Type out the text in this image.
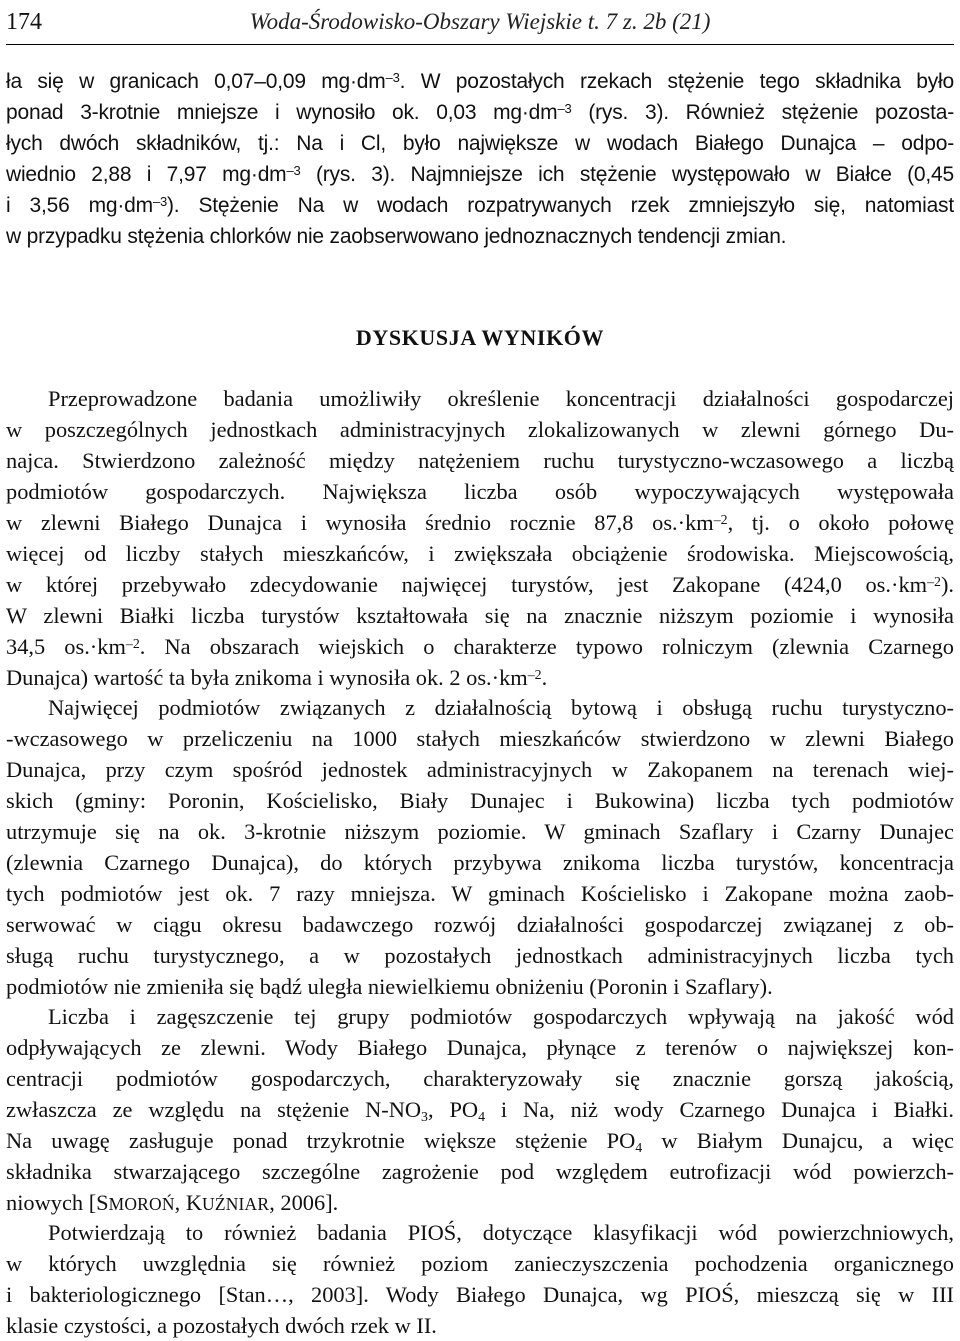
174	Woda-Środowisko-Obszary Wiejskie t. 7 z. 2b (21)
ła się w granicach 0,07–0,09 $mg\cdot dm^{-3}$. W pozostałych rzekach stężenie tego składnika było
ponad 3-krotnie mniejsze i wynosiło ok. 0,03 $mg\cdot dm^{-3}$ (rys. 3). Również stężenie pozosta-
łych dwóch składników, tj.: Na i Cl, było największe w wodach Białego Dunajca – odpo-
wiednio 2,88 i 7,97 $mg\cdot dm^{-3}$ (rys. 3). Najmniejsze ich stężenie występowało w Białce (0,45
i 3,56 $mg\cdot dm^{-3}$). Stężenie Na w wodach rozpatrywanych rzek zmniejszyło się, natomiast
w przypadku stężenia chlorków nie zaobserwowano jednoznacznych tendencji zmian.
DYSKUSJA WYNIKÓW
Przeprowadzone badania umożliwiły określenie koncentracji działalności gospodarczej
w poszczególnych jednostkach administracyjnych zlokalizowanych w zlewni górnego Du-
najca. Stwierdzono zależność między natężeniem ruchu turystyczno-wczasowego a liczbą
podmiotów gospodarczych. Największa liczba osób wypoczywających występowała
w zlewni Białego Dunajca i wynosiła średnio rocznie 87,8 $os.\cdot km^{-2}$, tj. o około połowę
więcej od liczby stałych mieszkańców, i zwiększała obciążenie środowiska. Miejscowością,
w której przebywało zdecydowanie najwięcej turystów, jest Zakopane (424,0 $os.\cdot km^{-2}$).
W zlewni Białki liczba turystów kształtowała się na znacznie niższym poziomie i wynosiła
34,5 $os.\cdot km^{-2}$. Na obszarach wiejskich o charakterze typowo rolniczym (zlewnia Czarnego
Dunajca) wartość ta była znikoma i wynosiła ok. 2 $os.\cdot km^{-2}$.
Najwięcej podmiotów związanych z działalnością bytową i obsługą ruchu turystyczno-
-wczasowego w przeliczeniu na 1000 stałych mieszkańców stwierdzono w zlewni Białego
Dunajca, przy czym spośród jednostek administracyjnych w Zakopanem na terenach wiej-
skich (gminy: Poronin, Kościelisko, Biały Dunajec i Bukowina) liczba tych podmiotów
utrzymuje się na ok. 3-krotnie niższym poziomie. W gminach Szaflary i Czarny Dunajec
(zlewnia Czarnego Dunajca), do których przybywa znikoma liczba turystów, koncentracja
tych podmiotów jest ok. 7 razy mniejsza. W gminach Kościelisko i Zakopane można zaob-
serwować w ciągu okresu badawczego rozwój działalności gospodarczej związanej z ob-
sługą ruchu turystycznego, a w pozostałych jednostkach administracyjnych liczba tych
podmiotów nie zmieniła się bądź uległa niewielkiemu obniżeniu (Poronin i Szaflary).
Liczba i zagęszczenie tej grupy podmiotów gospodarczych wpływają na jakość wód
odpływających ze zlewni. Wody Białego Dunajca, płynące z terenów o największej kon-
centracji podmiotów gospodarczych, charakteryzowały się znacznie gorszą jakością,
zwłaszcza ze względu na stężenie $N-NO_3$, $PO_4$ i Na, niż wody Czarnego Dunajca i Białki.
Na uwagę zasługuje ponad trzykrotnie większe stężenie $PO_4$ w Białym Dunajcu, a więc
składnika stwarzającego szczególne zagrożenie pod względem eutrofizacji wód powierzch-
niowych [SMOROŃ, KUŹNIAR, 2006].
Potwierdzają to również badania PIOŚ, dotyczące klasyfikacji wód powierzchniowych,
w których uwzględnia się również poziom zanieczyszczenia pochodzenia organicznego
i bakteriologicznego [Stan…, 2003]. Wody Białego Dunajca, wg PIOŚ, mieszczą się w III
klasie czystości, a pozostałych dwóch rzek w II.
